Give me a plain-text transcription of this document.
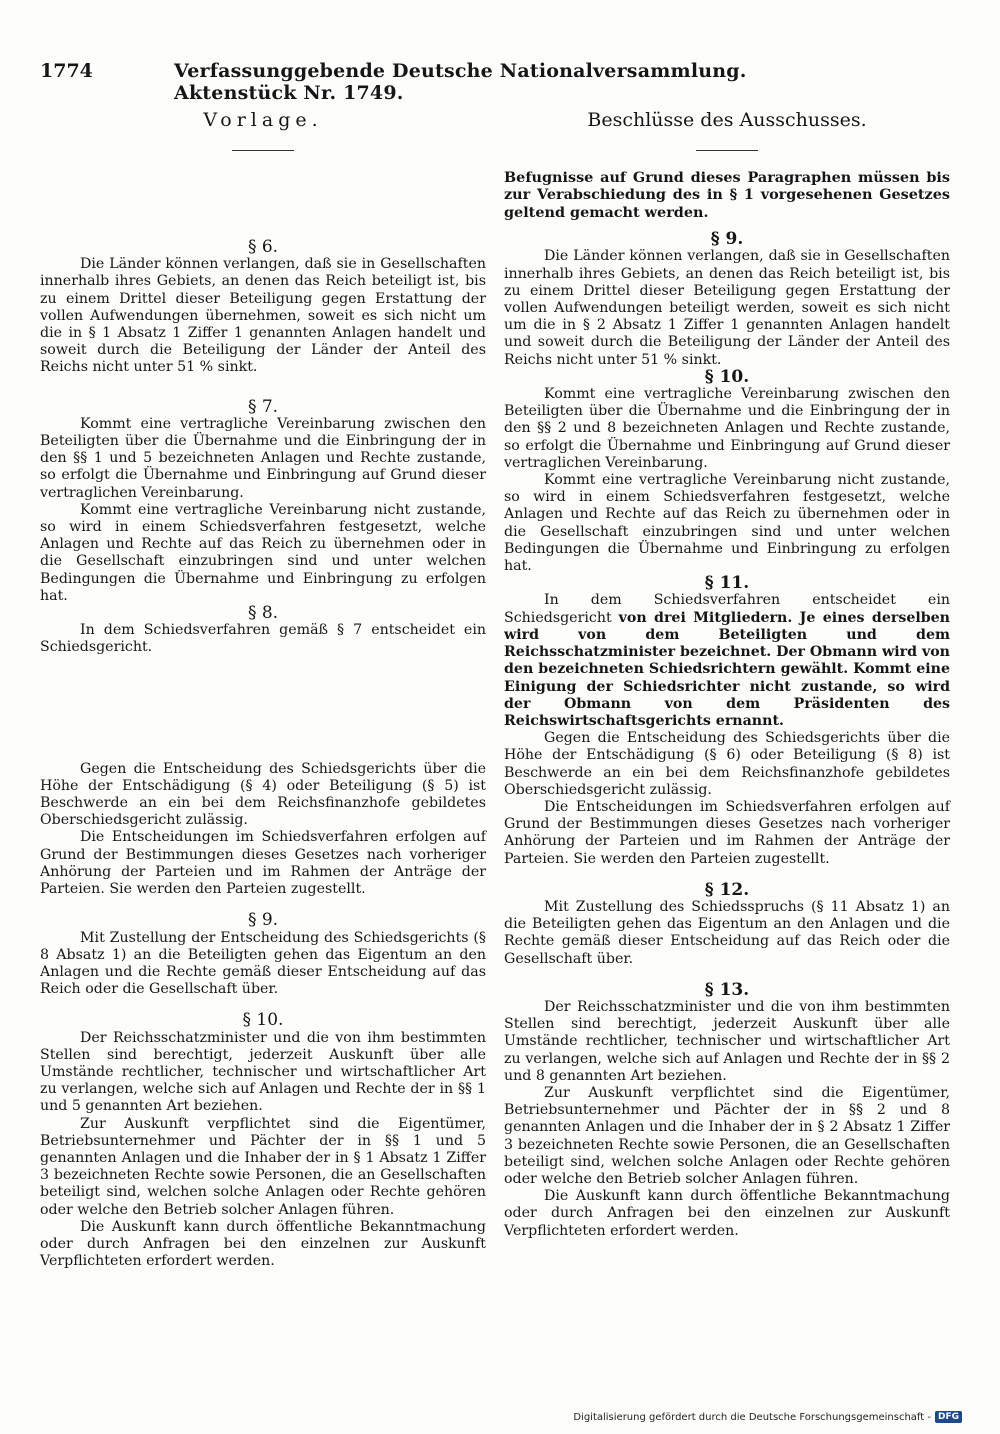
1774	Verfassunggebende Deutsche Nationalversammlung. Aktenstück Nr. 1749.
Vorlage.
§ 6.

Die Länder können verlangen, daß sie in Gesellschaften innerhalb ihres Gebiets, an denen das Reich beteiligt ist, bis zu einem Drittel dieser Beteiligung gegen Erstattung der vollen Aufwendungen übernehmen, soweit es sich nicht um die in § 1 Absatz 1 Ziffer 1 genannten Anlagen handelt und soweit durch die Beteiligung der Länder der Anteil des Reichs nicht unter 51 % sinkt.

§ 7.

Kommt eine vertragliche Vereinbarung zwischen den Beteiligten über die Übernahme und die Einbringung der in den §§ 1 und 5 bezeichneten Anlagen und Rechte zustande, so erfolgt die Übernahme und Einbringung auf Grund dieser vertraglichen Vereinbarung.

Kommt eine vertragliche Vereinbarung nicht zustande, so wird in einem Schiedsverfahren festgesetzt, welche Anlagen und Rechte auf das Reich zu übernehmen oder in die Gesellschaft einzubringen sind und unter welchen Bedingungen die Übernahme und Einbringung zu erfolgen hat.

§ 8.

In dem Schiedsverfahren gemäß § 7 entscheidet ein Schiedsgericht.

Gegen die Entscheidung des Schiedsgerichts über die Höhe der Entschädigung (§ 4) oder Beteiligung (§ 5) ist Beschwerde an ein bei dem Reichsfinanzhofe gebildetes Oberschiedsgericht zulässig.

Die Entscheidungen im Schiedsverfahren erfolgen auf Grund der Bestimmungen dieses Gesetzes nach vorheriger Anhörung der Parteien und im Rahmen der Anträge der Parteien. Sie werden den Parteien zugestellt.

§ 9.

Mit Zustellung der Entscheidung des Schiedsgerichts (§ 8 Absatz 1) an die Beteiligten gehen das Eigentum an den Anlagen und die Rechte gemäß dieser Entscheidung auf das Reich oder die Gesellschaft über.

§ 10.

Der Reichsschatzminister und die von ihm bestimmten Stellen sind berechtigt, jederzeit Auskunft über alle Umstände rechtlicher, technischer und wirtschaftlicher Art zu verlangen, welche sich auf Anlagen und Rechte der in §§ 1 und 5 genannten Art beziehen.

Zur Auskunft verpflichtet sind die Eigentümer, Betriebsunternehmer und Pächter der in §§ 1 und 5 genannten Anlagen und die Inhaber der in § 1 Absatz 1 Ziffer 3 bezeichneten Rechte sowie Personen, die an Gesellschaften beteiligt sind, welchen solche Anlagen oder Rechte gehören oder welche den Betrieb solcher Anlagen führen.

Die Auskunft kann durch öffentliche Bekanntmachung oder durch Anfragen bei den einzelnen zur Auskunft Verpflichteten erfordert werden.

Beschlüsse des Ausschusses.

Befugnisse auf Grund dieses Paragraphen müssen bis zur Verabschiedung des in § 1 vorgesehenen Gesetzes geltend gemacht werden.

§ 9.

Die Länder können verlangen, daß sie in Gesellschaften innerhalb ihres Gebiets, an denen das Reich beteiligt ist, bis zu einem Drittel dieser Beteiligung gegen Erstattung der vollen Aufwendungen beteiligt werden, soweit es sich nicht um die in § 2 Absatz 1 Ziffer 1 genannten Anlagen handelt und soweit durch die Beteiligung der Länder der Anteil des Reichs nicht unter 51 % sinkt.

§ 10.

Kommt eine vertragliche Vereinbarung zwischen den Beteiligten über die Übernahme und die Einbringung der in den §§ 2 und 8 bezeichneten Anlagen und Rechte zustande, so erfolgt die Übernahme und Einbringung auf Grund dieser vertraglichen Vereinbarung.

Kommt eine vertragliche Vereinbarung nicht zustande, so wird in einem Schiedsverfahren festgesetzt, welche Anlagen und Rechte auf das Reich zu übernehmen oder in die Gesellschaft einzubringen sind und unter welchen Bedingungen die Übernahme und Einbringung zu erfolgen hat.

§ 11.

In dem Schiedsverfahren entscheidet ein Schiedsgericht von drei Mitgliedern. Je eines derselben wird von dem Beteiligten und dem Reichsschatzminister bezeichnet. Der Obmann wird von den bezeichneten Schiedsrichtern gewählt. Kommt eine Einigung der Schiedsrichter nicht zustande, so wird der Obmann von dem Präsidenten des Reichswirtschaftsgerichts ernannt.

Gegen die Entscheidung des Schiedsgerichts über die Höhe der Entschädigung (§ 6) oder Beteiligung (§ 8) ist Beschwerde an ein bei dem Reichsfinanzhofe gebildetes Oberschiedsgericht zulässig.

Die Entscheidungen im Schiedsverfahren erfolgen auf Grund der Bestimmungen dieses Gesetzes nach vorheriger Anhörung der Parteien und im Rahmen der Anträge der Parteien. Sie werden den Parteien zugestellt.

§ 12.

Mit Zustellung des Schiedsspruchs (§ 11 Absatz 1) an die Beteiligten gehen das Eigentum an den Anlagen und die Rechte gemäß dieser Entscheidung auf das Reich oder die Gesellschaft über.

§ 13.

Der Reichsschatzminister und die von ihm bestimmten Stellen sind berechtigt, jederzeit Auskunft über alle Umstände rechtlicher, technischer und wirtschaftlicher Art zu verlangen, welche sich auf Anlagen und Rechte der in §§ 2 und 8 genannten Art beziehen.

Zur Auskunft verpflichtet sind die Eigentümer, Betriebsunternehmer und Pächter der in §§ 2 und 8 genannten Anlagen und die Inhaber der in § 2 Absatz 1 Ziffer 3 bezeichneten Rechte sowie Personen, die an Gesellschaften beteiligt sind, welchen solche Anlagen oder Rechte gehören oder welche den Betrieb solcher Anlagen führen.

Die Auskunft kann durch öffentliche Bekanntmachung oder durch Anfragen bei den einzelnen zur Auskunft Verpflichteten erfordert werden.

Digitalisierung gefördert durch die Deutsche Forschungsgemeinschaft - DFG
